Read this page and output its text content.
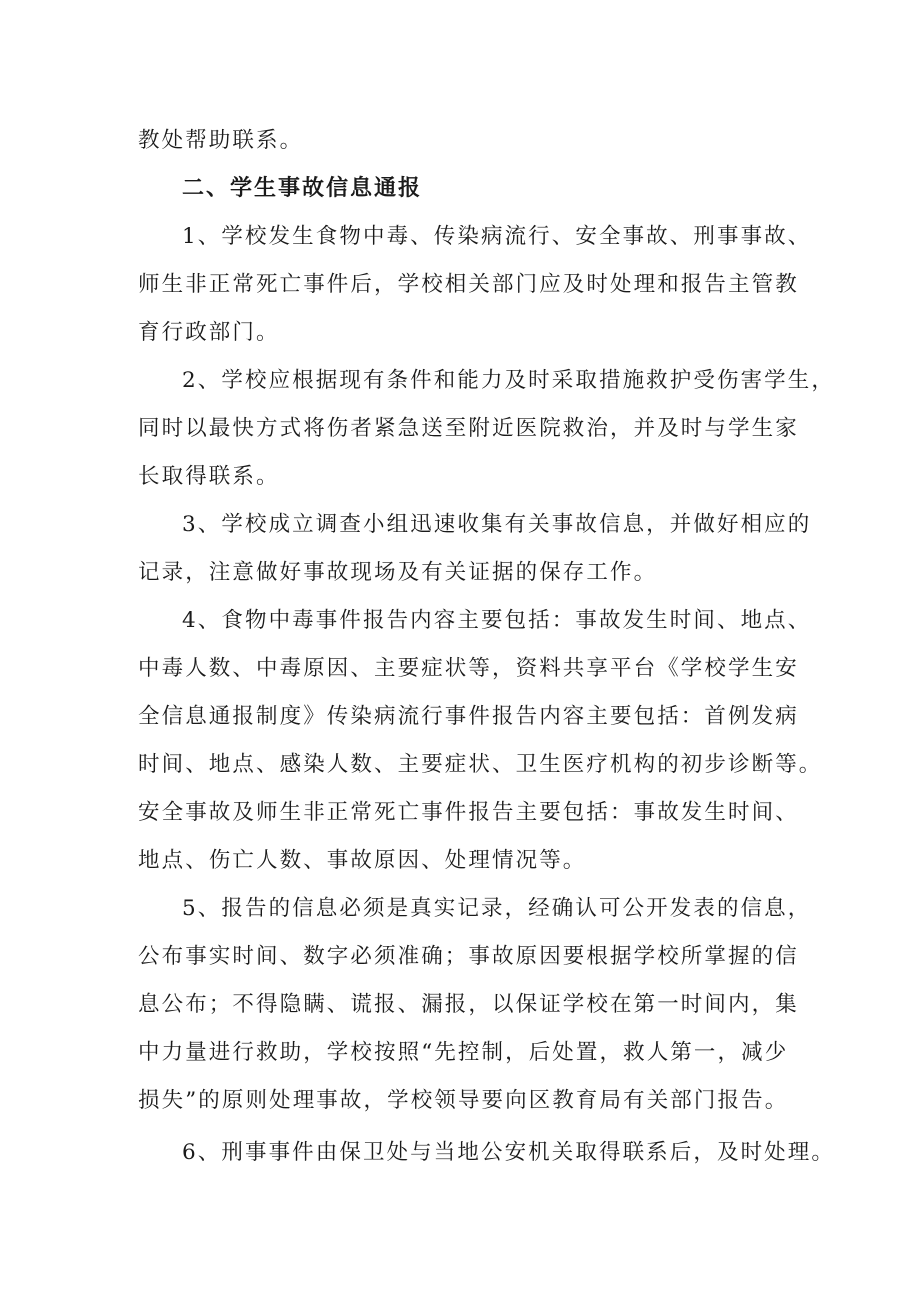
教处帮助联系。
二、学生事故信息通报
1、学校发生食物中毒、传染病流行、安全事故、刑事事故、
师生非正常死亡事件后，学校相关部门应及时处理和报告主管教
育行政部门。
2、学校应根据现有条件和能力及时采取措施救护受伤害学生，
同时以最快方式将伤者紧急送至附近医院救治，并及时与学生家
长取得联系。
3、学校成立调查小组迅速收集有关事故信息，并做好相应的
记录，注意做好事故现场及有关证据的保存工作。
4、食物中毒事件报告内容主要包括：事故发生时间、地点、
中毒人数、中毒原因、主要症状等，资料共享平台《学校学生安
全信息通报制度》传染病流行事件报告内容主要包括：首例发病
时间、地点、感染人数、主要症状、卫生医疗机构的初步诊断等。
安全事故及师生非正常死亡事件报告主要包括：事故发生时间、
地点、伤亡人数、事故原因、处理情况等。
5、报告的信息必须是真实记录，经确认可公开发表的信息，
公布事实时间、数字必须准确；事故原因要根据学校所掌握的信
息公布；不得隐瞒、谎报、漏报，以保证学校在第一时间内，集
中力量进行救助，学校按照“先控制，后处置，救人第一，减少
损失”的原则处理事故，学校领导要向区教育局有关部门报告。
6、刑事事件由保卫处与当地公安机关取得联系后，及时处理。
